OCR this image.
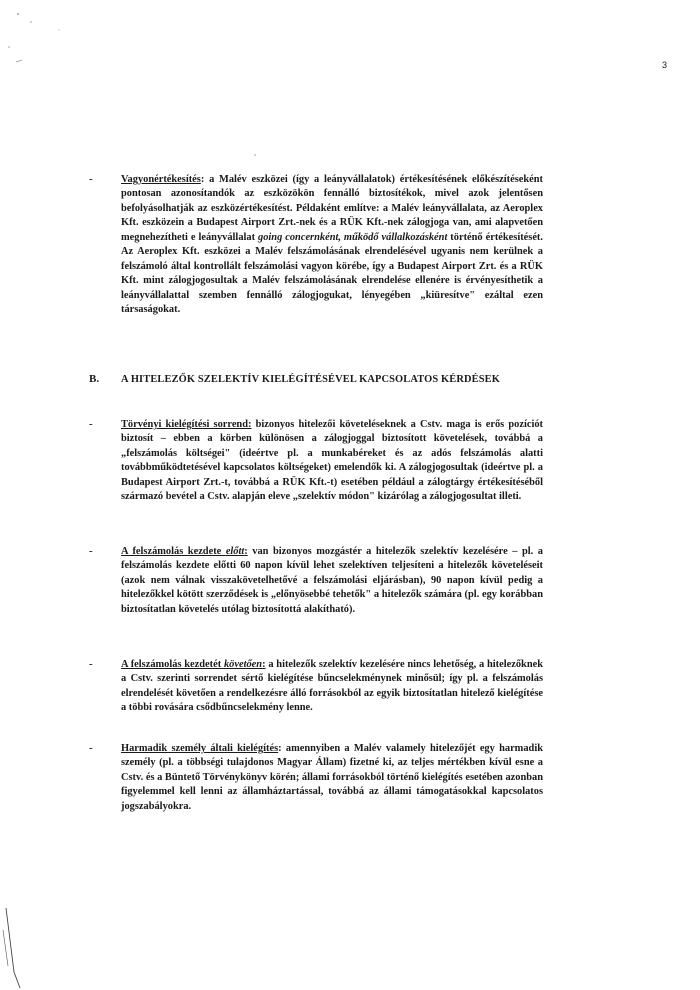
3
-	Vagyonértékesítés: a Malév eszközei (így a leányvállalatok) értékesítésének előkészítéseként pontosan azonosítandók az eszközökön fennálló biztosítékok, mivel azok jelentősen befolyásolhatják az eszközértékesítést. Példaként említve: a Malév leányvállalata, az Aeroplex Kft. eszközein a Budapest Airport Zrt.-nek és a RÜK Kft.-nek zálogjoga van, ami alapvetően megnehezítheti e leányvállalat going concernként, működő vállalkozásként történő értékesítését. Az Aeroplex Kft. eszközei a Malév felszámolásának elrendelésével ugyanis nem kerülnek a felszámoló által kontrollált felszámolási vagyon körébe, így a Budapest Airport Zrt. és a RÜK Kft. mint zálogjogosultak a Malév felszámolásának elrendelése ellenére is érvényesíthetik a leányvállalattal szemben fennálló zálogjogukat, lényegében „kiüresítve" ezáltal ezen társaságokat.

B. A HITELEZŐK SZELEKTÍV KIELÉGÍTÉSÉVEL KAPCSOLATOS KÉRDÉSEK

-	Törvényi kielégítési sorrend: bizonyos hitelezői követeléseknek a Cstv. maga is erős pozíciót biztosít – ebben a körben különösen a zálogjoggal biztosított követelések, továbbá a „felszámolás költségei" (ideértve pl. a munkabéreket és az adós felszámolás alatti továbbműködtetésével kapcsolatos költségeket) emelendők ki. A zálogjogosultak (ideértve pl. a Budapest Airport Zrt.-t, továbbá a RÜK Kft.-t) esetében például a zálogtárgy értékesítéséből származó bevétel a Cstv. alapján eleve „szelektív módon" kizárólag a zálogjogosultat illeti.

-	A felszámolás kezdete előtt: van bizonyos mozgástér a hitelezők szelektív kezelésére – pl. a felszámolás kezdete előtti 60 napon kívül lehet szelektíven teljesíteni a hitelezők követeléseit (azok nem válnak visszakövetelhetővé a felszámolási eljárásban), 90 napon kívül pedig a hitelezőkkel kötött szerződések is „előnyösebbé tehetők" a hitelezők számára (pl. egy korábban biztosítatlan követelés utólag biztosítottá alakítható).

-	A felszámolás kezdetét követően: a hitelezők szelektív kezelésére nincs lehetőség, a hitelezőknek a Cstv. szerinti sorrendet sértő kielégítése bűncselekménynek minősül; így pl. a felszámolás elrendelését követően a rendelkezésre álló forrásokból az egyik biztosítatlan hitelező kielégítése a többi rovására csődbűncselekmény lenne.

-	Harmadik személy általi kielégítés: amennyiben a Malév valamely hitelezőjét egy harmadik személy (pl. a többségi tulajdonos Magyar Állam) fizetné ki, az teljes mértékben kívül esne a Cstv. és a Büntető Törvénykönyv körén; állami forrásokból történő kielégítés esetében azonban figyelemmel kell lenni az államháztartással, továbbá az állami támogatásokkal kapcsolatos jogszabályokra.
